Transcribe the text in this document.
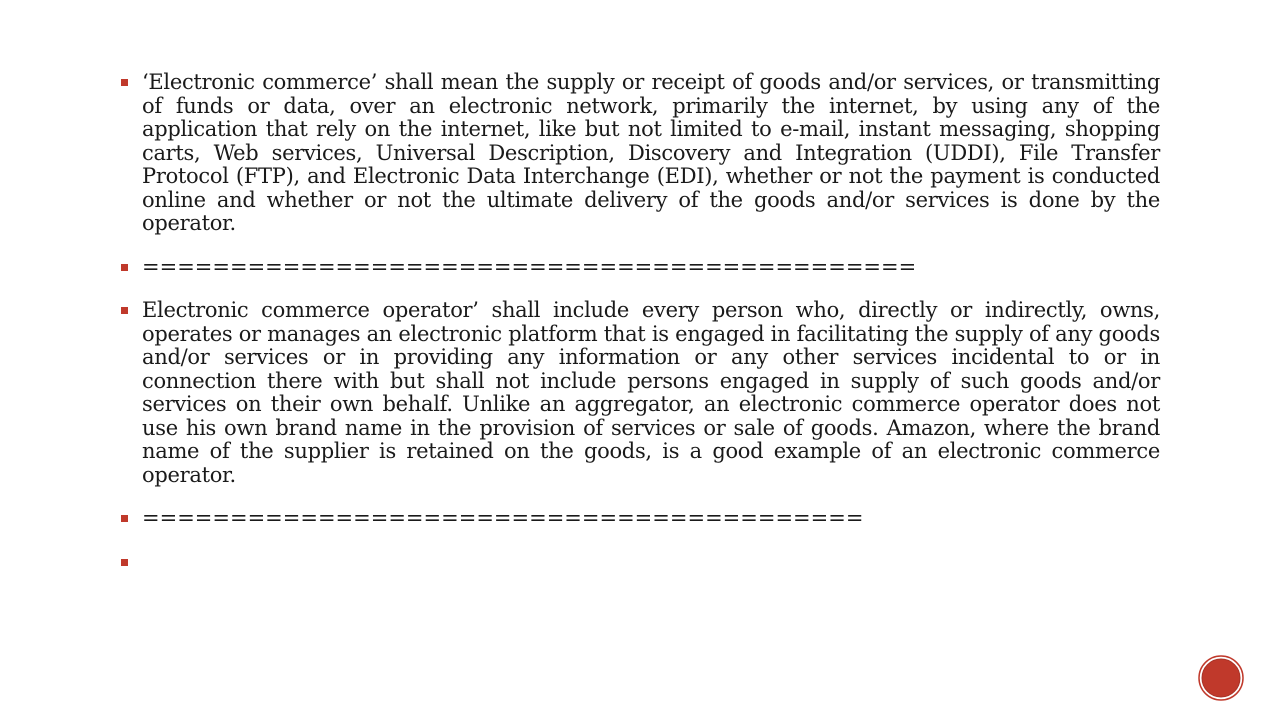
‘Electronic commerce’ shall mean the supply or receipt of goods and/or services, or transmitting of funds or data, over an electronic network, primarily the internet, by using any of the application that rely on the internet, like but not limited to e-mail, instant messaging, shopping carts, Web services, Universal Description, Discovery and Integration (UDDI), File Transfer Protocol (FTP), and Electronic Data Interchange (EDI), whether or not the payment is conducted online and whether or not the ultimate delivery of the goods and/or services is done by the operator.
============================================
Electronic commerce operator’ shall include every person who, directly or indirectly, owns, operates or manages an electronic platform that is engaged in facilitating the supply of any goods and/or services or in providing any information or any other services incidental to or in connection there with but shall not include persons engaged in supply of such goods and/or services on their own behalf. Unlike an aggregator, an electronic commerce operator does not use his own brand name in the provision of services or sale of goods. Amazon, where the brand name of the supplier is retained on the goods, is a good example of an electronic commerce operator.
=========================================
